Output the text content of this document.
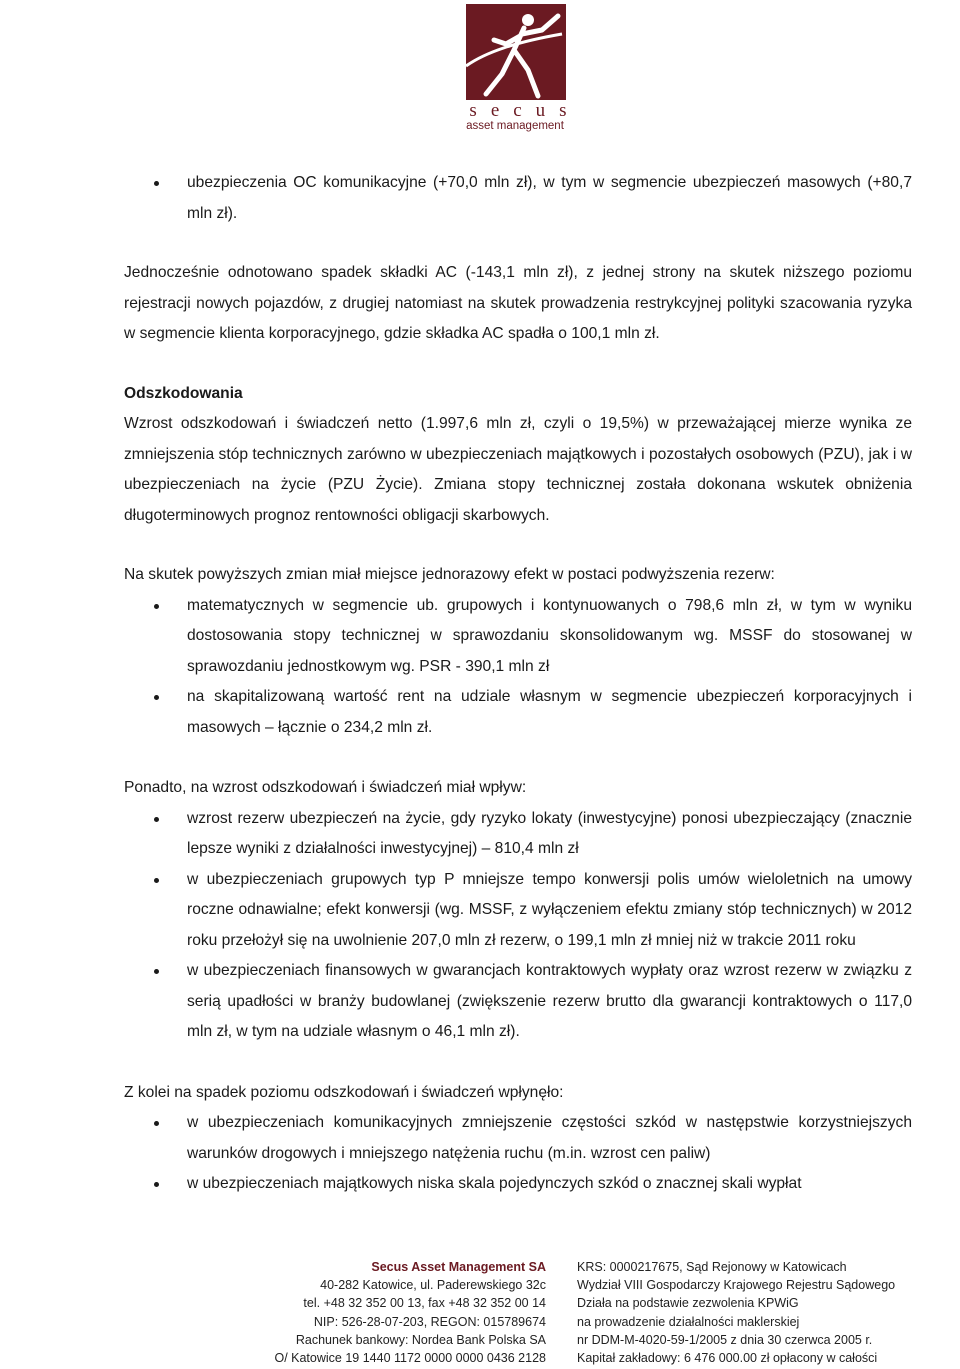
secus
asset management
ubezpieczenia OC komunikacyjne (+70,0 mln zł), w tym w segmencie ubezpieczeń masowych (+80,7 mln zł).

Jednocześnie odnotowano spadek składki AC (-143,1 mln zł), z jednej strony na skutek niższego poziomu rejestracji nowych pojazdów, z drugiej natomiast na skutek prowadzenia restrykcyjnej polityki szacowania ryzyka w segmencie klienta korporacyjnego, gdzie składka AC spadła o 100,1 mln zł.

Odszkodowania

Wzrost odszkodowań i świadczeń netto (1.997,6 mln zł, czyli o 19,5%) w przeważającej mierze wynika ze zmniejszenia stóp technicznych zarówno w ubezpieczeniach majątkowych i pozostałych osobowych (PZU), jak i w ubezpieczeniach na życie (PZU Życie). Zmiana stopy technicznej została dokonana wskutek obniżenia długoterminowych prognoz rentowności obligacji skarbowych.

Na skutek powyższych zmian miał miejsce jednorazowy efekt w postaci podwyższenia rezerw:

matematycznych w segmencie ub. grupowych i kontynuowanych o 798,6 mln zł, w tym w wyniku dostosowania stopy technicznej w sprawozdaniu skonsolidowanym wg. MSSF do stosowanej w sprawozdaniu jednostkowym wg. PSR - 390,1 mln zł
na skapitalizowaną wartość rent na udziale własnym w segmencie ubezpieczeń korporacyjnych i masowych – łącznie o 234,2 mln zł.

Ponadto, na wzrost odszkodowań i świadczeń miał wpływ:

wzrost rezerw ubezpieczeń na życie, gdy ryzyko lokaty (inwestycyjne) ponosi ubezpieczający (znacznie lepsze wyniki z działalności inwestycyjnej) – 810,4 mln zł
w ubezpieczeniach grupowych typ P mniejsze tempo konwersji polis umów wieloletnich na umowy roczne odnawialne; efekt konwersji (wg. MSSF, z wyłączeniem efektu zmiany stóp technicznych) w 2012 roku przełożył się na uwolnienie 207,0 mln zł rezerw, o 199,1 mln zł mniej niż w trakcie 2011 roku
w ubezpieczeniach finansowych w gwarancjach kontraktowych wypłaty oraz wzrost rezerw w związku z serią upadłości w branży budowlanej (zwiększenie rezerw brutto dla gwarancji kontraktowych o 117,0 mln zł, w tym na udziale własnym o 46,1 mln zł).

Z kolei na spadek poziomu odszkodowań i świadczeń wpłynęło:

w ubezpieczeniach komunikacyjnych zmniejszenie częstości szkód w następstwie korzystniejszych warunków drogowych i mniejszego natężenia ruchu (m.in. wzrost cen paliw)
w ubezpieczeniach majątkowych niska skala pojedynczych szkód o znacznej skali wypłat
Secus Asset Management SA
40-282 Katowice, ul. Paderewskiego 32c
tel. +48 32 352 00 13, fax +48 32 352 00 14
NIP: 526-28-07-203, REGON: 015789674
Rachunek bankowy: Nordea Bank Polska SA
O/ Katowice 19 1440 1172 0000 0000 0436 2128
KRS: 0000217675, Sąd Rejonowy w Katowicach
Wydział VIII Gospodarczy Krajowego Rejestru Sądowego
Działa na podstawie zezwolenia KPWiG
na prowadzenie działalności maklerskiej
nr DDM-M-4020-59-1/2005 z dnia 30 czerwca 2005 r.
Kapitał zakładowy: 6 476 000.00 zł opłacony w całości
